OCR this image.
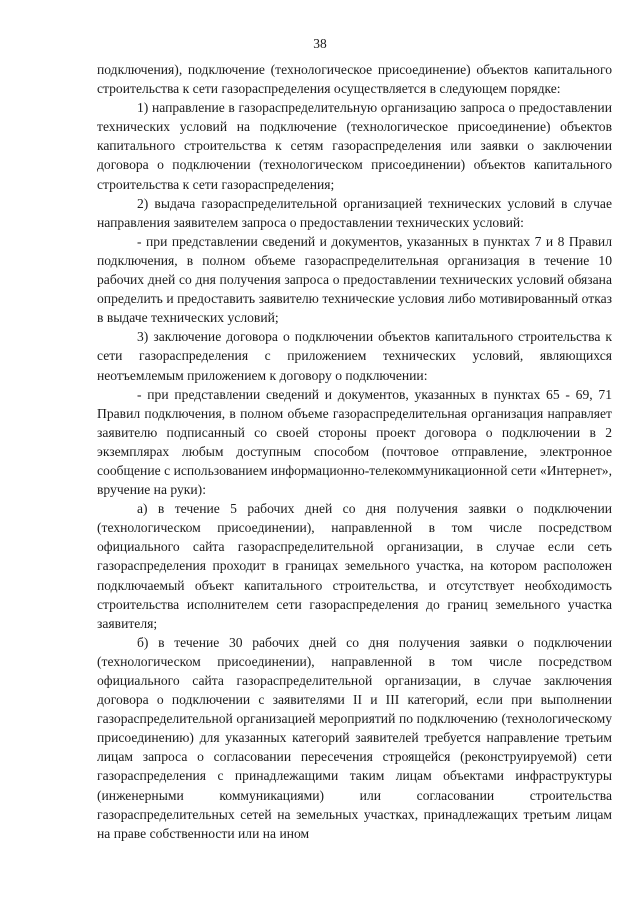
38

подключения), подключение (технологическое присоединение) объектов капитального строительства к сети газораспределения осуществляется в следующем порядке:

1) направление в газораспределительную организацию запроса о предоставлении технических условий на подключение (технологическое присоединение) объектов капитального строительства к сетям газораспределения или заявки о заключении договора о подключении (технологическом присоединении) объектов капитального строительства к сети газораспределения;

2) выдача газораспределительной организацией технических условий в случае направления заявителем запроса о предоставлении технических условий:

- при представлении сведений и документов, указанных в пунктах 7 и 8 Правил подключения, в полном объеме газораспределительная организация в течение 10 рабочих дней со дня получения запроса о предоставлении технических условий обязана определить и предоставить заявителю технические условия либо мотивированный отказ в выдаче технических условий;

3) заключение договора о подключении объектов капитального строительства к сети газораспределения с приложением технических условий, являющихся неотъемлемым приложением к договору о подключении:

- при представлении сведений и документов, указанных в пунктах 65 - 69, 71 Правил подключения, в полном объеме газораспределительная организация направляет заявителю подписанный со своей стороны проект договора о подключении в 2 экземплярах любым доступным способом (почтовое отправление, электронное сообщение с использованием информационно-телекоммуникационной сети «Интернет», вручение на руки):

а) в течение 5 рабочих дней со дня получения заявки о подключении (технологическом присоединении), направленной в том числе посредством официального сайта газораспределительной организации, в случае если сеть газораспределения проходит в границах земельного участка, на котором расположен подключаемый объект капитального строительства, и отсутствует необходимость строительства исполнителем сети газораспределения до границ земельного участка заявителя;

б) в течение 30 рабочих дней со дня получения заявки о подключении (технологическом присоединении), направленной в том числе посредством официального сайта газораспределительной организации, в случае заключения договора о подключении с заявителями II и III категорий, если при выполнении газораспределительной организацией мероприятий по подключению (технологическому присоединению) для указанных категорий заявителей требуется направление третьим лицам запроса о согласовании пересечения строящейся (реконструируемой) сети газораспределения с принадлежащими таким лицам объектами инфраструктуры (инженерными коммуникациями) или согласовании строительства газораспределительных сетей на земельных участках, принадлежащих третьим лицам на праве собственности или на ином
